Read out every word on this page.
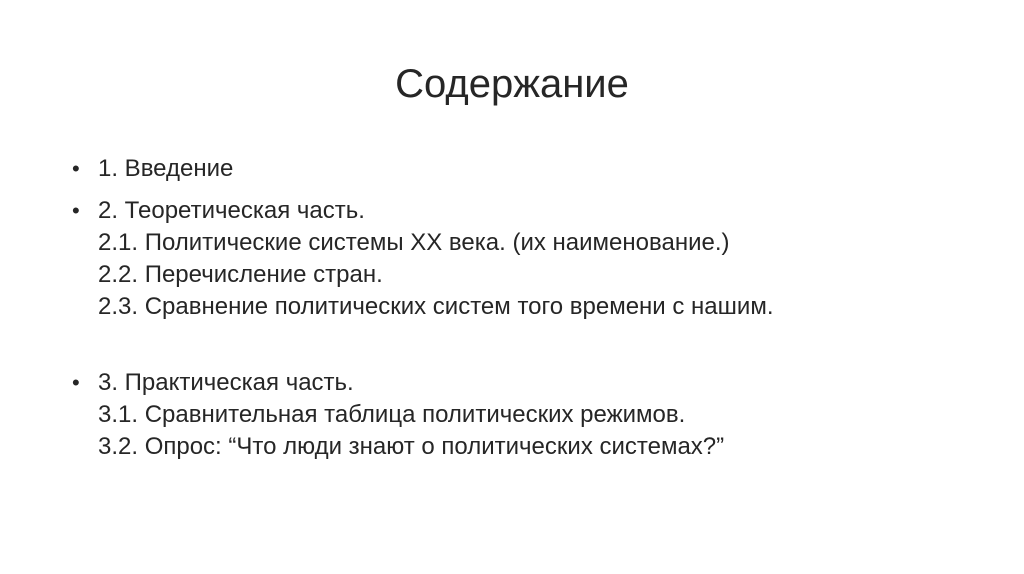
Содержание
• 1. Введение
• 2. Теоретическая часть.
2.1. Политические системы ХХ века. (их наименование.)
2.2. Перечисление стран.
2.3. Сравнение политических систем того времени с нашим.
• 3. Практическая часть.
3.1. Сравнительная таблица политических режимов.
3.2. Опрос: “Что люди знают о политических системах?”
